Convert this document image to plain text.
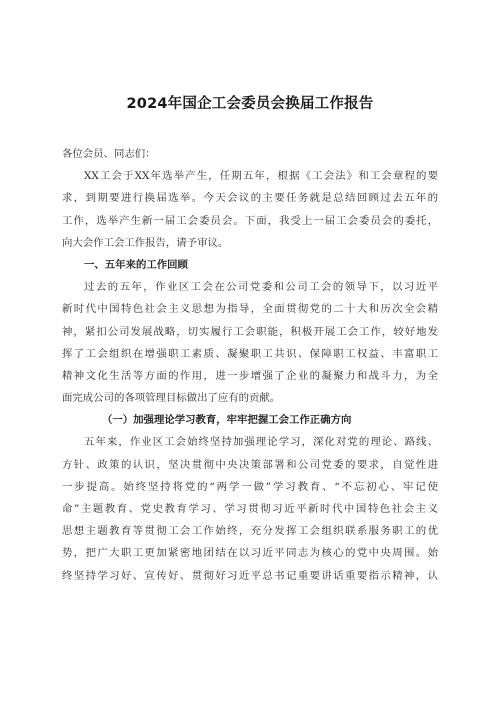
2024年国企工会委员会换届工作报告
各位会员、同志们：
XX工会于XX年选举产生，任期五年，根据《工会法》和工会章程的要
求，到期要进行换届选举。今天会议的主要任务就是总结回顾过去五年的
工作，选举产生新一届工会委员会。下面，我受上一届工会委员会的委托，
向大会作工会工作报告，请予审议。
一、五年来的工作回顾
过去的五年，作业区工会在公司党委和公司工会的领导下，以习近平
新时代中国特色社会主义思想为指导，全面贯彻党的二十大和历次全会精
神，紧扣公司发展战略，切实履行工会职能，积极开展工会工作，较好地发
挥了工会组织在增强职工素质、凝聚职工共识、保障职工权益、丰富职工
精神文化生活等方面的作用，进一步增强了企业的凝聚力和战斗力，为全
面完成公司的各项管理目标做出了应有的贡献。
（一）加强理论学习教育，牢牢把握工会工作正确方向
五年来，作业区工会始终坚持加强理论学习，深化对党的理论、路线、
方针、政策的认识，坚决贯彻中央决策部署和公司党委的要求，自觉性进
一步提高。始终坚持将党的“两学一做”学习教育、“不忘初心、牢记使
命”主题教育、党史教育学习、学习贯彻习近平新时代中国特色社会主义
思想主题教育等贯彻工会工作始终，充分发挥工会组织联系服务职工的优
势，把广大职工更加紧密地团结在以习近平同志为核心的党中央周围。始
终坚持学习好、宣传好、贯彻好习近平总书记重要讲话重要指示精神，认
